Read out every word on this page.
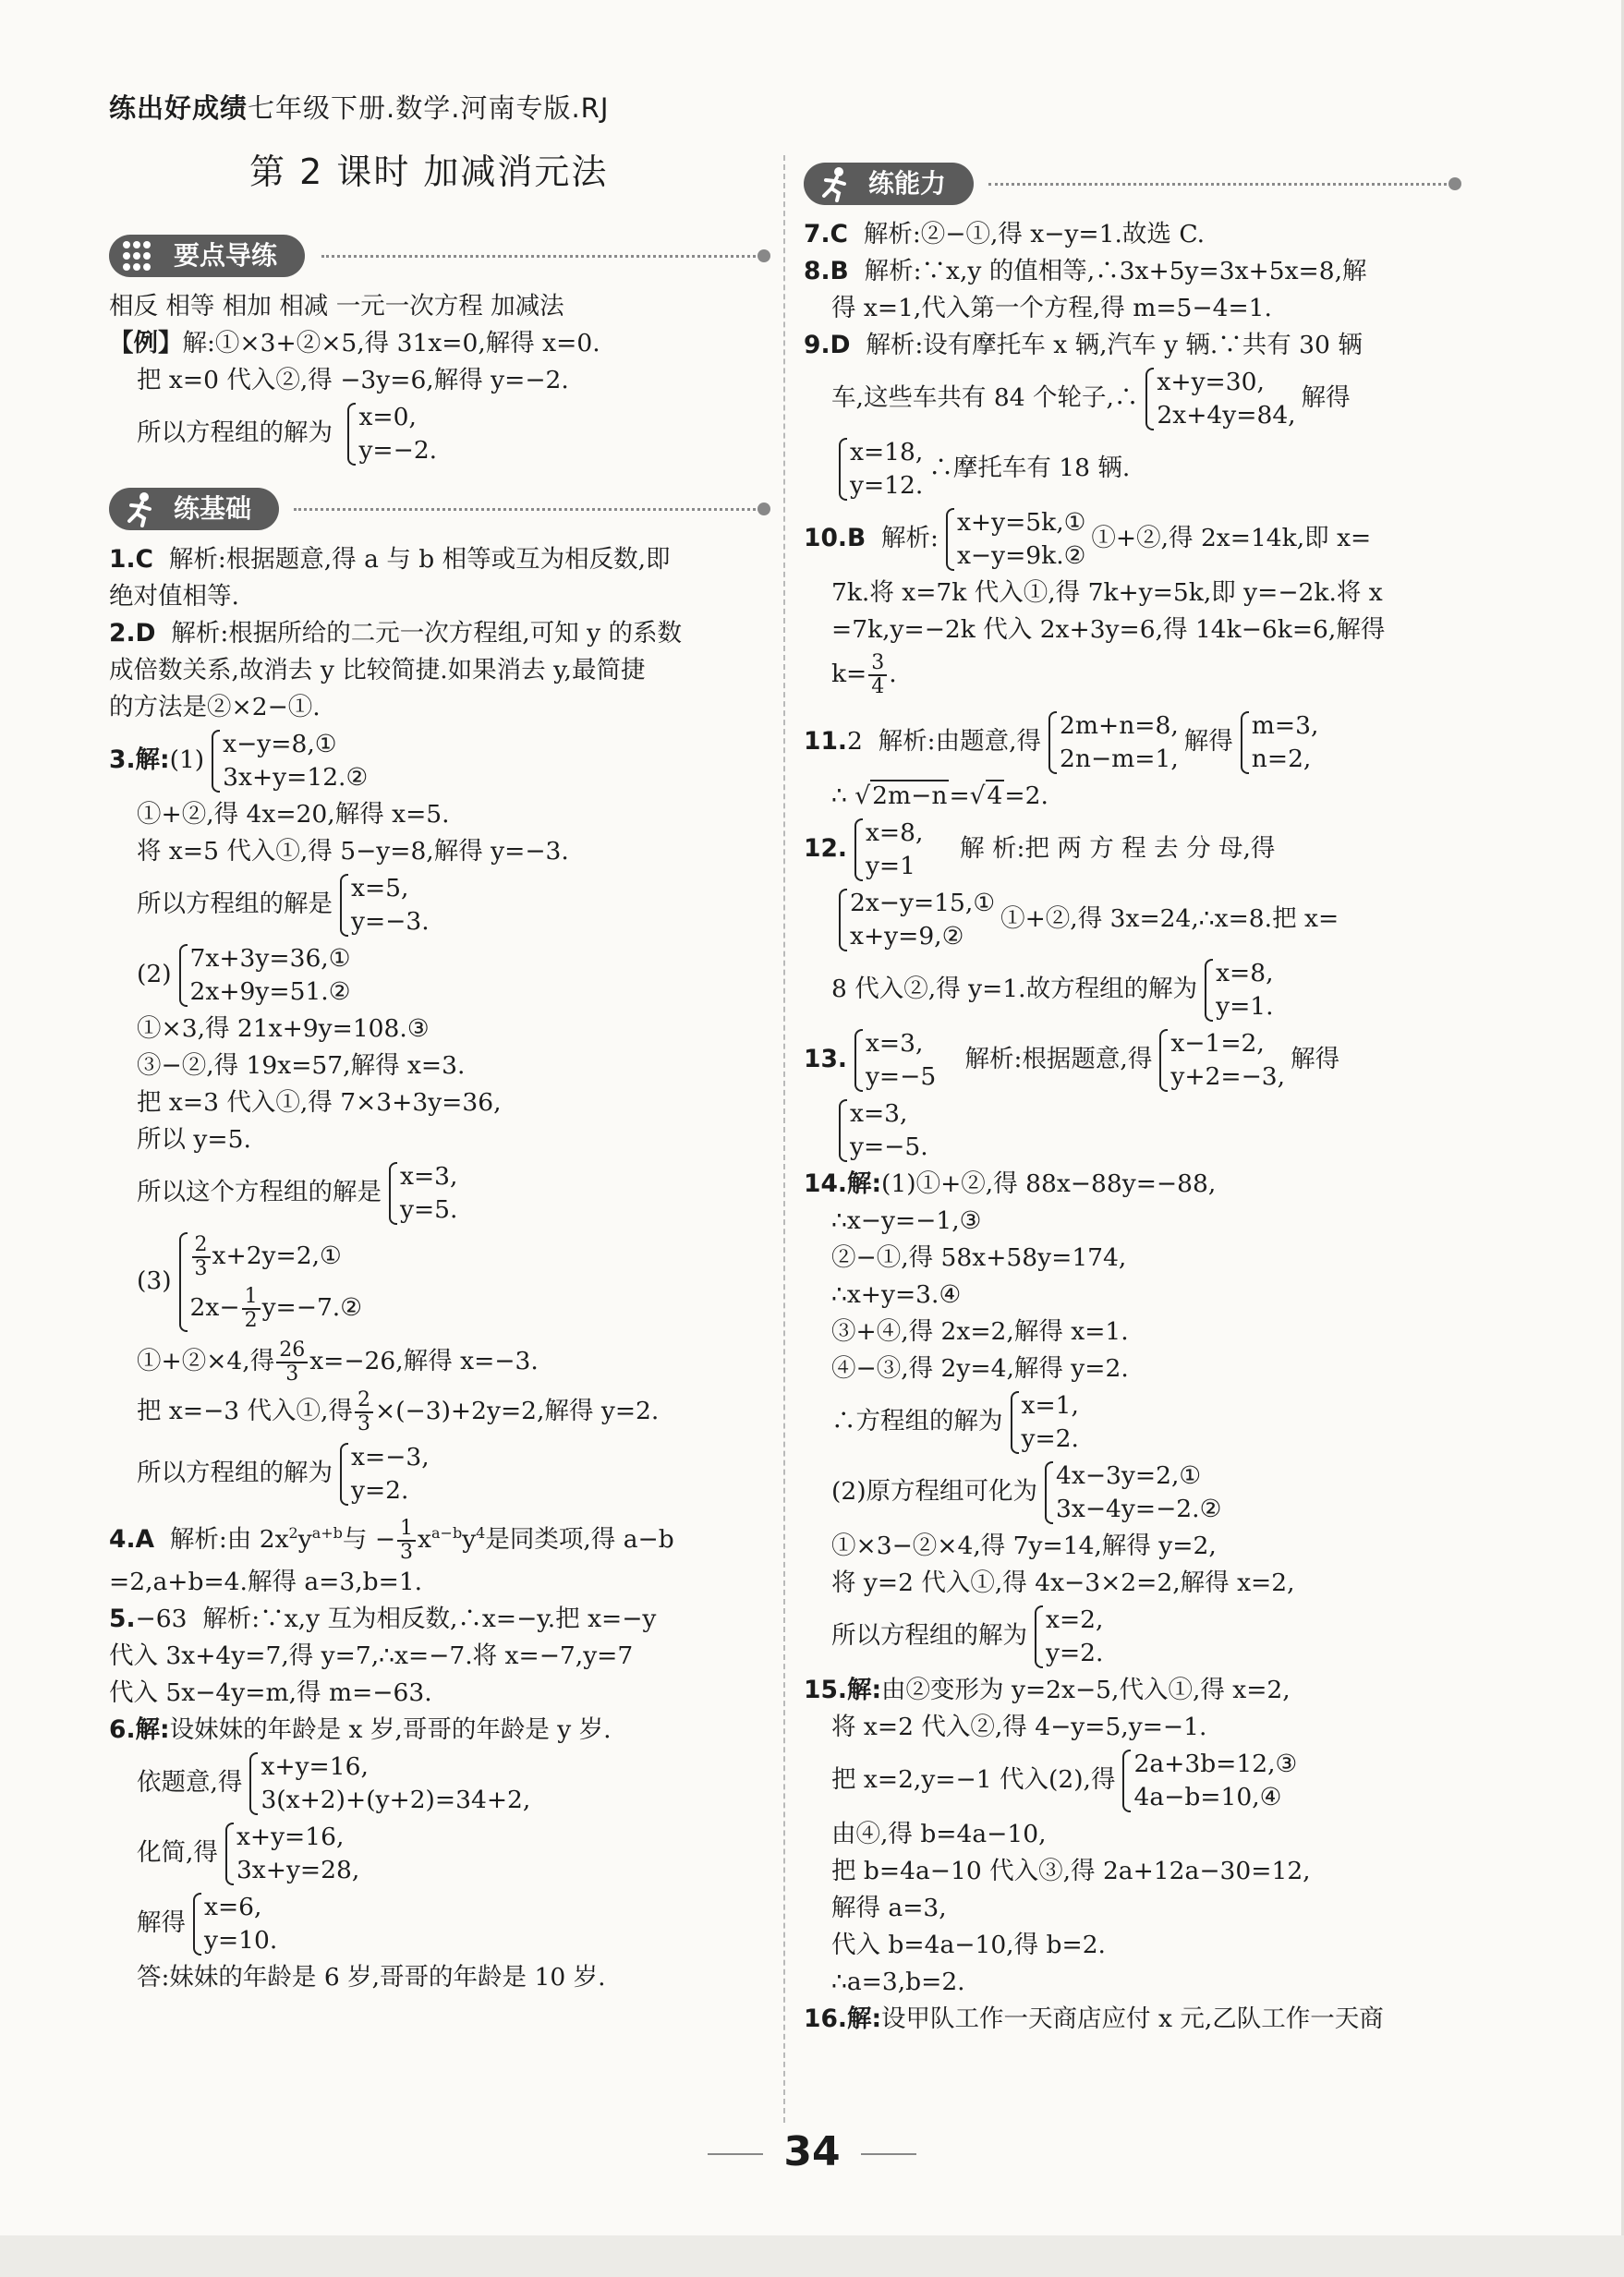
练出好成绩七年级下册.数学.河南专版.RJ
第 2 课时 加减消元法
要点导练
相反 相等 相加 相减 一元一次方程 加减法
【例】解:①×3+②×5,得 31x=0,解得 x=0.
把 x=0 代入②,得 −3y=6,解得 y=−2.
所以方程组的解为
x=0,
y=−2.
练基础
1.C 解析:根据题意,得 a 与 b 相等或互为相反数,即
绝对值相等.
2.D 解析:根据所给的二元一次方程组,可知 y 的系数
成倍数关系,故消去 y 比较简捷.如果消去 y,最简捷
的方法是②×2−①.
3.解:(1)
x−y=8,①
3x+y=12.②
①+②,得 4x=20,解得 x=5.
将 x=5 代入①,得 5−y=8,解得 y=−3.
所以方程组的解是
x=5,
y=−3.
(2)
7x+3y=36,①
2x+9y=51.②
①×3,得 21x+9y=108.③
③−②,得 19x=57,解得 x=3.
把 x=3 代入①,得 7×3+3y=36,
所以 y=5.
所以这个方程组的解是
x=3,
y=5.
(3)
$\frac{2}{3}$ x+2y=2,①
$2x- \frac{1}{2}$ y=−7.②
①+②×4,得 $\frac{26}{3} x=-26$,解得 x=−3.
把 x=−3 代入①,得 $\frac{2}{3} \times(-3)+2y=2$,解得 y=2.
所以方程组的解为
x=−3,
y=2.
4.A 解析:由 $2x^2y^{a+b}$与 − $\frac{1}{3} x^{a-b}y^4$是同类项,得 a−b
=2,a+b=4.解得 a=3,b=1.
5.−63 解析:∵x,y 互为相反数,∴x=−y.把 x=−y
代入 3x+4y=7,得 y=7,∴x=−7.将 x=−7,y=7
代入 5x−4y=m,得 m=−63.
6.解:设妹妹的年龄是 x 岁,哥哥的年龄是 y 岁.
依题意,得
x+y=16,
3(x+2)+(y+2)=34+2,
化简,得
x+y=16,
3x+y=28,
解得
x=6,
y=10.
答:妹妹的年龄是 6 岁,哥哥的年龄是 10 岁.
练能力
7.C 解析:②−①,得 x−y=1.故选 C.
8.B 解析:∵x,y 的值相等,∴3x+5y=3x+5x=8,解
得 x=1,代入第一个方程,得 m=5−4=1.
9.D 解析:设有摩托车 x 辆,汽车 y 辆.∵共有 30 辆
车,这些车共有 84 个轮子,∴
x+y=30,
2x+4y=84,
解得
x=18,
y=12.
∴摩托车有 18 辆.
10.B 解析:
x+y=5k,①
x−y=9k.②
①+②,得 2x=14k,即 x=
7k.将 x=7k 代入①,得 7k+y=5k,即 y=−2k.将 x
=7k,y=−2k 代入 2x+3y=6,得 14k−6k=6,解得
$k= \frac{3}{4}$ .
11.2 解析:由题意,得
2m+n=8,
2n−m=1,
解得
m=3,
n=2,
∴ √2m−n=√4=2.
12.
x=8,
y=1
解 析:把 两 方 程 去 分 母,得
2x−y=15,①
x+y=9,②
①+②,得 3x=24,∴x=8.把 x=
8 代入②,得 y=1.故方程组的解为
x=8,
y=1.
13.
x=3,
y=−5
解析:根据题意,得
x−1=2,
y+2=−3,
解得
x=3,
y=−5.
14.解:(1)①+②,得 88x−88y=−88,
∴x−y=−1,③
②−①,得 58x+58y=174,
∴x+y=3.④
③+④,得 2x=2,解得 x=1.
④−③,得 2y=4,解得 y=2.
∴方程组的解为
x=1,
y=2.
(2)原方程组可化为
4x−3y=2,①
3x−4y=−2.②
①×3−②×4,得 7y=14,解得 y=2,
将 y=2 代入①,得 4x−3×2=2,解得 x=2,
所以方程组的解为
x=2,
y=2.
15.解:由②变形为 y=2x−5,代入①,得 x=2,
将 x=2 代入②,得 4−y=5,y=−1.
把 x=2,y=−1 代入(2),得
2a+3b=12,③
4a−b=10,④
由④,得 b=4a−10,
把 b=4a−10 代入③,得 2a+12a−30=12,
解得 a=3,
代入 b=4a−10,得 b=2.
∴a=3,b=2.
16.解:设甲队工作一天商店应付 x 元,乙队工作一天商
34
